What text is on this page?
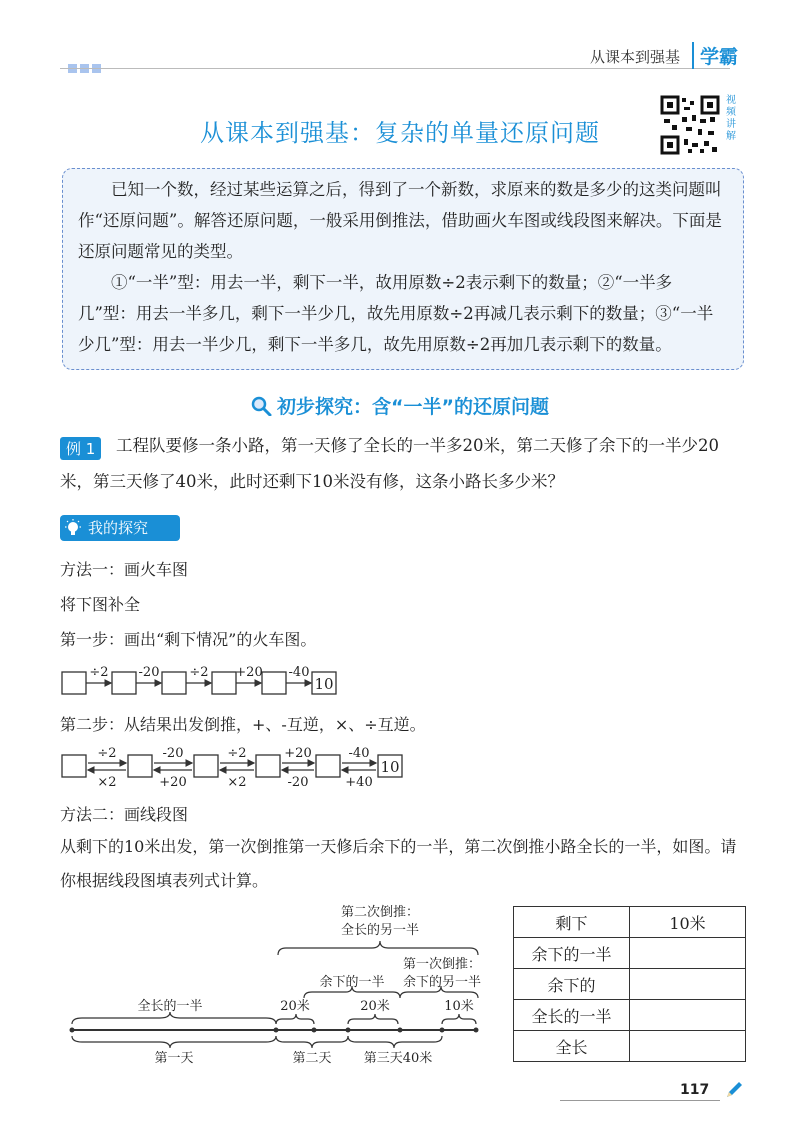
从课本到强基	学霸
从课本到强基：复杂的单量还原问题
视频讲解

已知一个数，经过某些运算之后，得到了一个新数，求原来的数是多少的这类问题叫作“还原问题”。解答还原问题，一般采用倒推法，借助画火车图或线段图来解决。下面是还原问题常见的类型。

①“一半”型：用去一半，剩下一半，故用原数÷2表示剩下的数量；②“一半多几”型：用去一半多几，剩下一半少几，故先用原数÷2再减几表示剩下的数量；③“一半少几”型：用去一半少几，剩下一半多几，故先用原数÷2再加几表示剩下的数量。

初步探究：含“一半”的还原问题
工程队要修一条小路，第一天修了全长的一半多20米，第二天修了余下的一半少20米，第三天修了40米，此时还剩下10米没有修，这条小路长多少米？
例 1
我的探究
方法一：画火车图
将下图补全
第一步：画出“剩下情况”的火车图。
÷2 -20 ÷2 +20 -40
10
第二步：从结果出发倒推，+、-互逆，×、÷互逆。
÷2	-20	÷2	+20	-40
×2	+20	×2	-20	+40
10
方法二：画线段图
从剩下的10米出发，第一次倒推第一天修后余下的一半，第二次倒推小路全长的一半，如图。请你根据线段图填表列式计算。
第二次倒推：
全长的另一半
第一次倒推：
余下的另一半
余下的一半
全长的一半	20米	20米	10米
第一天	第二天 第三天40米
剩下	10米
余下的一半	
余下的	
全长的一半	
全长	
117
